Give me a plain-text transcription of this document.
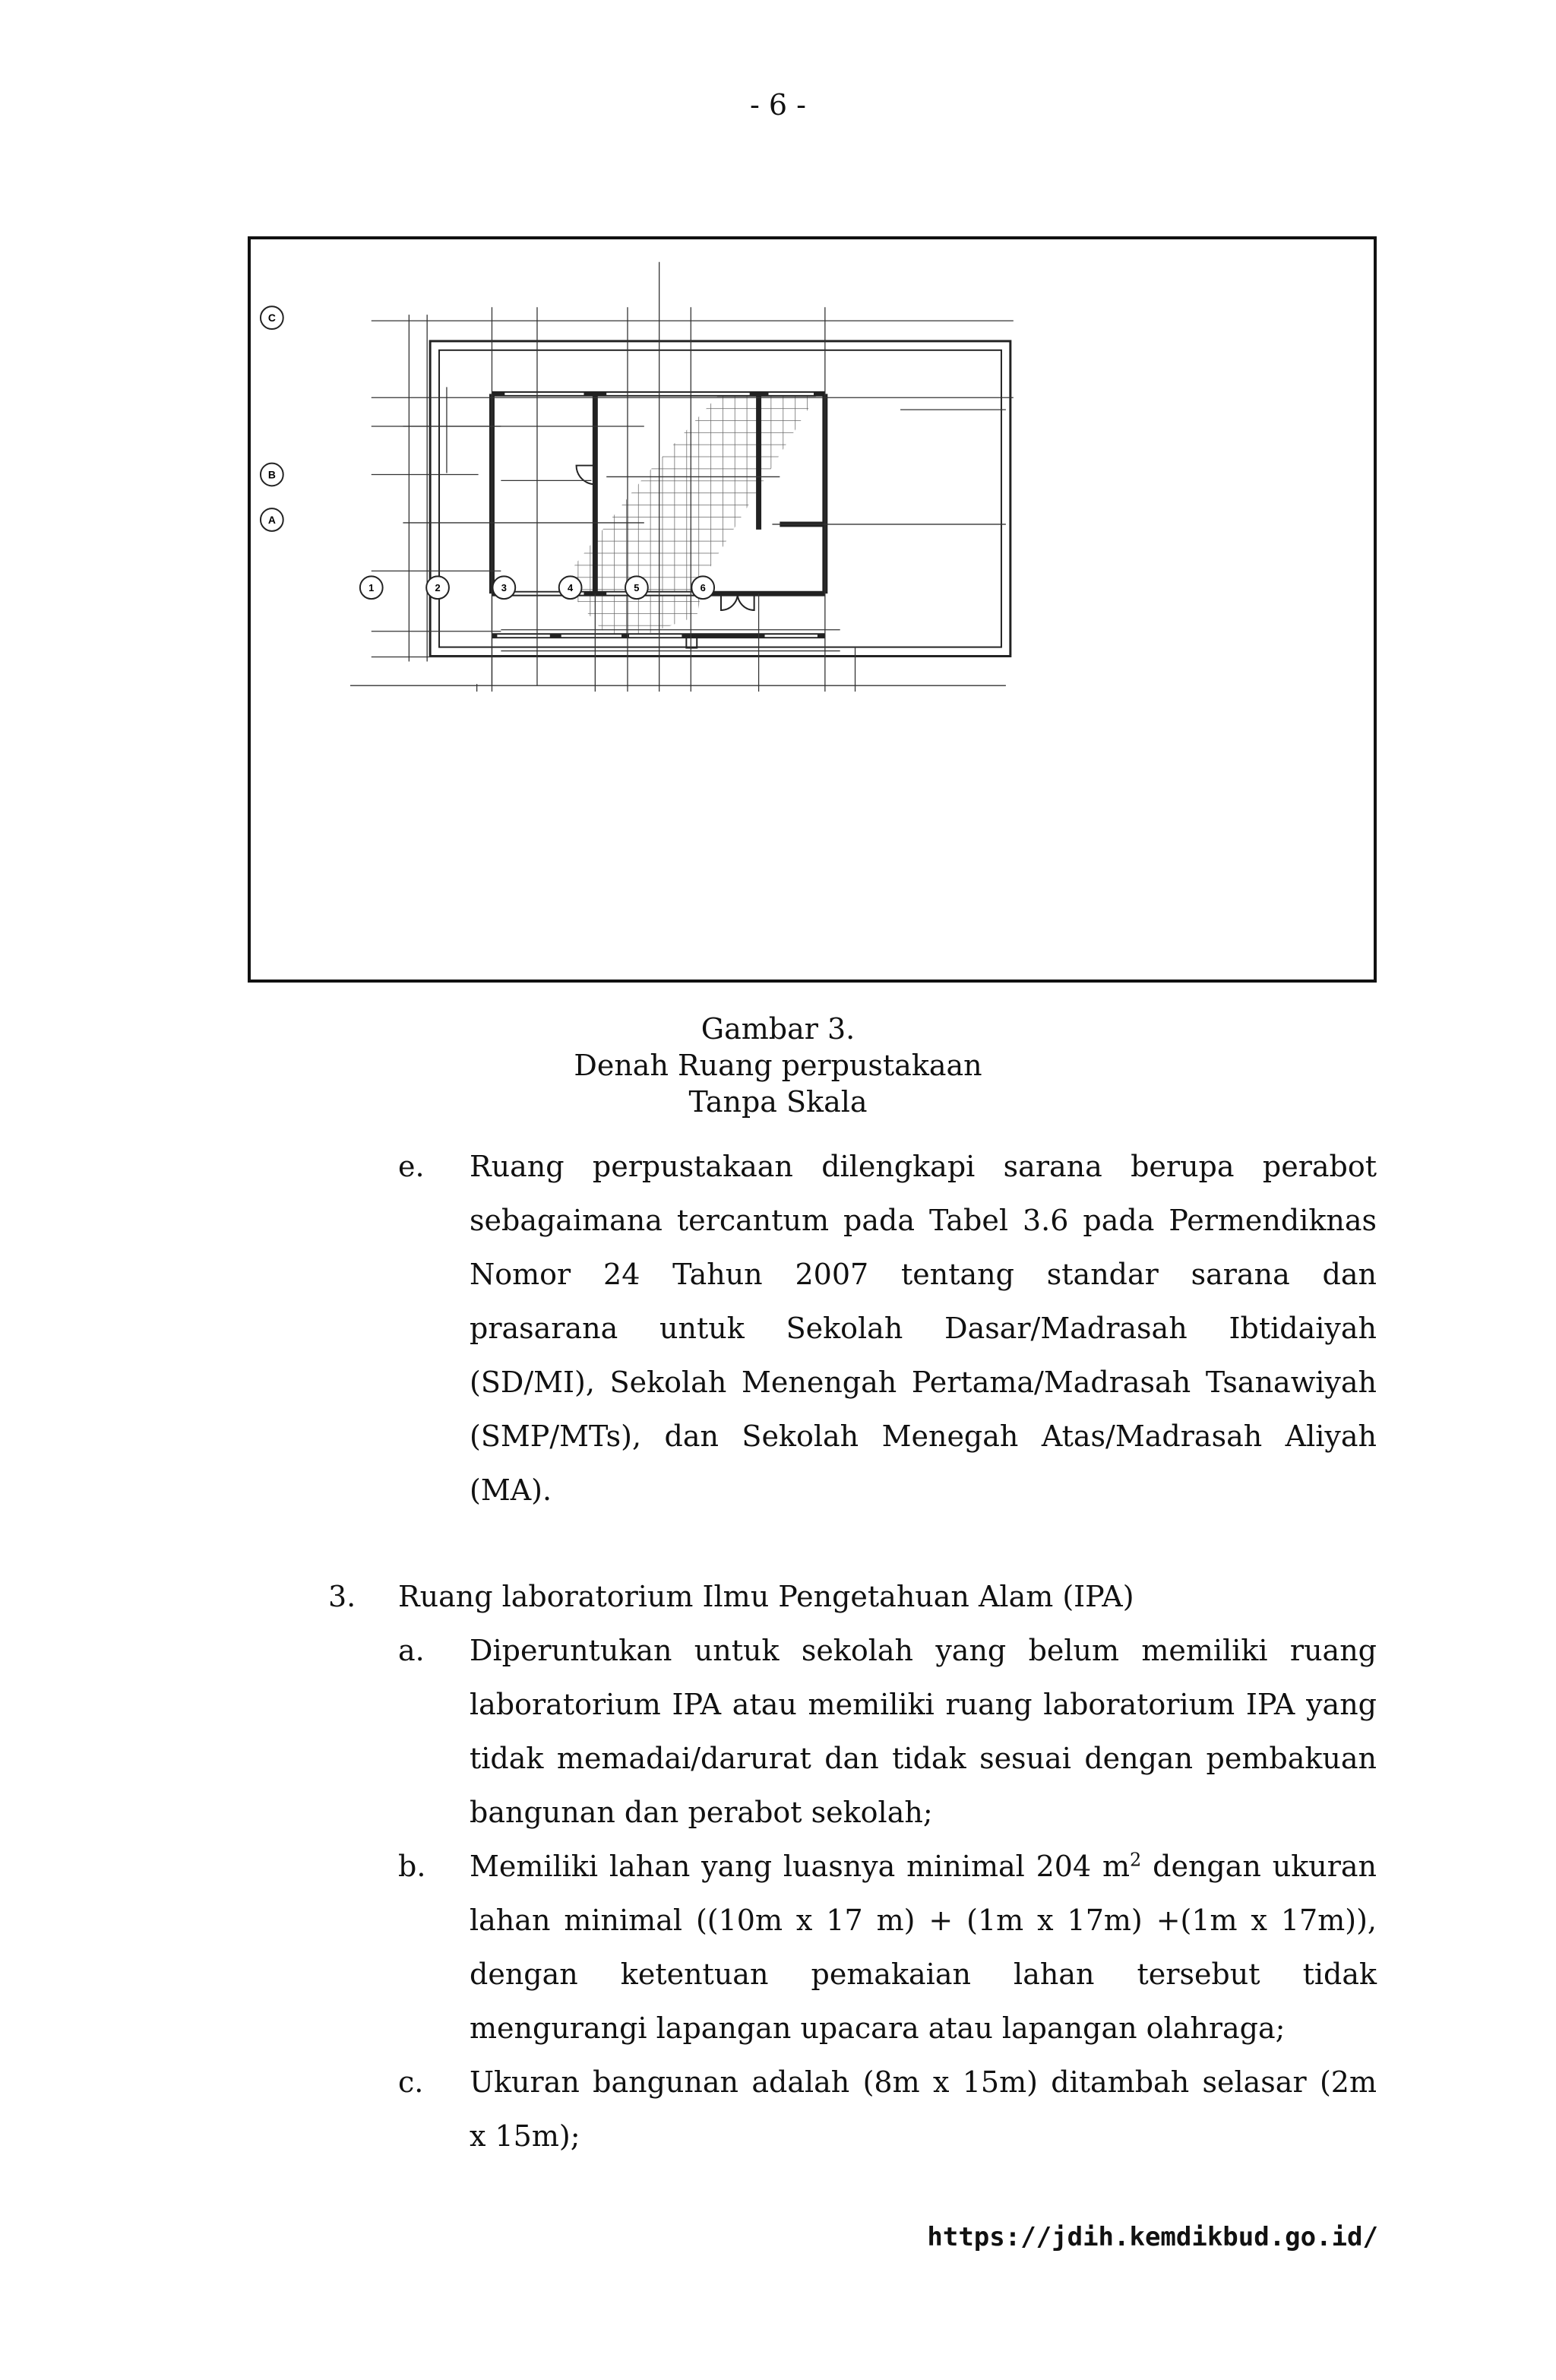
- 6 -
C
B
A
1	2	3	4	5	6
Gambar 3.
Denah Ruang perpustakaan
Tanpa Skala
e. Ruang perpustakaan dilengkapi sarana berupa perabot
sebagaimana tercantum pada Tabel 3.6 pada Permendiknas
Nomor 24 Tahun 2007 tentang standar sarana dan
prasarana untuk Sekolah Dasar/Madrasah Ibtidaiyah
(SD/MI), Sekolah Menengah Pertama/Madrasah Tsanawiyah
(SMP/MTs), dan Sekolah Menegah Atas/Madrasah Aliyah
(MA).
3. Ruang laboratorium Ilmu Pengetahuan Alam (IPA)
a. Diperuntukan untuk sekolah yang belum memiliki ruang
laboratorium IPA atau memiliki ruang laboratorium IPA yang
tidak memadai/darurat dan tidak sesuai dengan pembakuan
bangunan dan perabot sekolah;
b. Memiliki lahan yang luasnya minimal 204 $m^2$ dengan ukuran
lahan minimal ((10m x 17 m) + (1m x 17m) +(1m x 17m)),
dengan ketentuan pemakaian lahan tersebut tidak
mengurangi lapangan upacara atau lapangan olahraga;
c. Ukuran bangunan adalah (8m x 15m) ditambah selasar (2m
x 15m);
https://jdih.kemdikbud.go.id/
